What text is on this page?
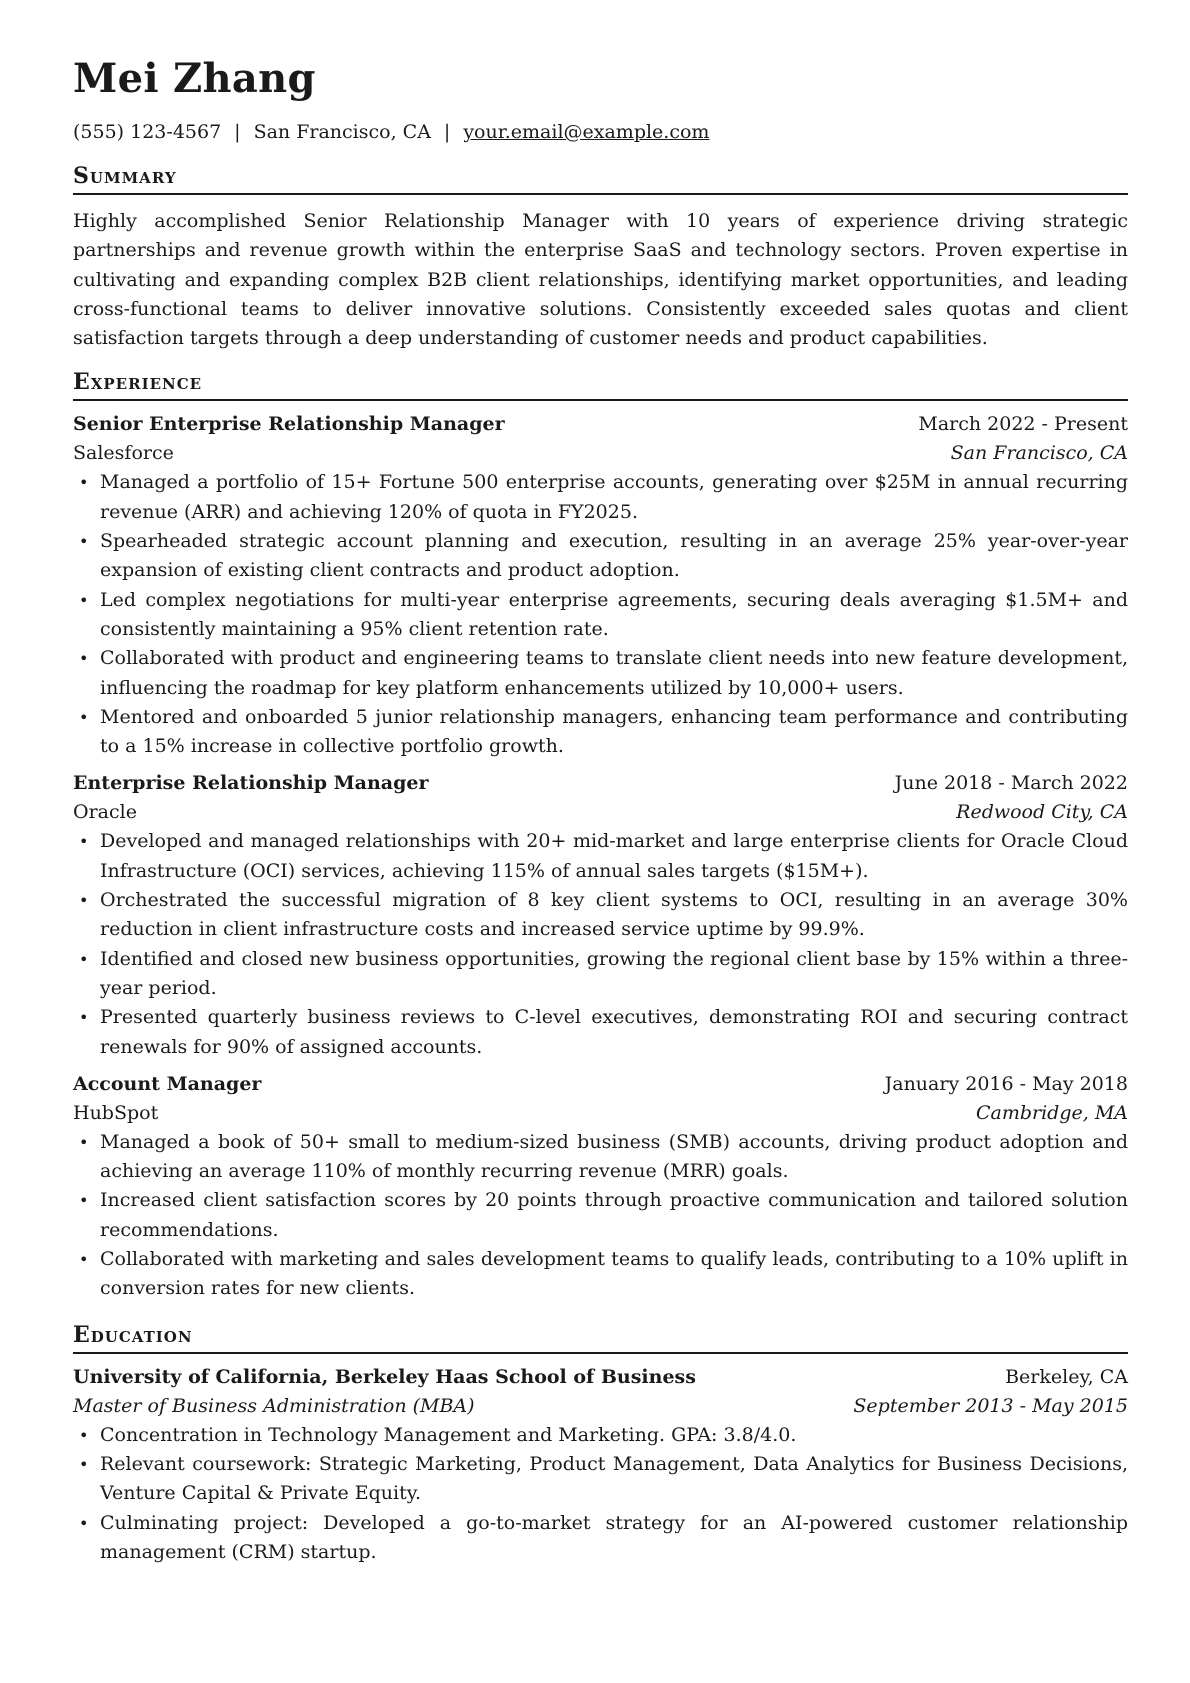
Mei Zhang
(555) 123-4567 | San Francisco, CA | your.email@example.com
Summary

Highly accomplished Senior Relationship Manager with 10 years of experience driving strategic partnerships and revenue growth within the enterprise SaaS and technology sectors. Proven expertise in cultivating and expanding complex B2B client relationships, identifying market opportunities, and leading cross-functional teams to deliver innovative solutions. Consistently exceeded sales quotas and client satisfaction targets through a deep understanding of customer needs and product capabilities.

Experience
Senior Enterprise Relationship Manager	March 2022 - Present
Salesforce	San Francisco, CA
• Managed a portfolio of 15+ Fortune 500 enterprise accounts, generating over $25M in annual recurring revenue (ARR) and achieving 120% of quota in FY2025.
• Spearheaded strategic account planning and execution, resulting in an average 25% year-over-year expansion of existing client contracts and product adoption.
• Led complex negotiations for multi-year enterprise agreements, securing deals averaging $1.5M+ and consistently maintaining a 95% client retention rate.
• Collaborated with product and engineering teams to translate client needs into new feature development, influencing the roadmap for key platform enhancements utilized by 10,000+ users.
• Mentored and onboarded 5 junior relationship managers, enhancing team performance and contributing to a 15% increase in collective portfolio growth.
Enterprise Relationship Manager	June 2018 - March 2022
Oracle	Redwood City, CA
• Developed and managed relationships with 20+ mid-market and large enterprise clients for Oracle Cloud Infrastructure (OCI) services, achieving 115% of annual sales targets ($15M+).
• Orchestrated the successful migration of 8 key client systems to OCI, resulting in an average 30% reduction in client infrastructure costs and increased service uptime by 99.9%.
• Identified and closed new business opportunities, growing the regional client base by 15% within a three-year period.
• Presented quarterly business reviews to C-level executives, demonstrating ROI and securing contract renewals for 90% of assigned accounts.
Account Manager	January 2016 - May 2018
HubSpot	Cambridge, MA
• Managed a book of 50+ small to medium-sized business (SMB) accounts, driving product adoption and achieving an average 110% of monthly recurring revenue (MRR) goals.
• Increased client satisfaction scores by 20 points through proactive communication and tailored solution recommendations.
• Collaborated with marketing and sales development teams to qualify leads, contributing to a 10% uplift in conversion rates for new clients.
Education
University of California, Berkeley Haas School of Business	Berkeley, CA
Master of Business Administration (MBA)	September 2013 - May 2015
• Concentration in Technology Management and Marketing. GPA: 3.8/4.0.
• Relevant coursework: Strategic Marketing, Product Management, Data Analytics for Business Decisions, Venture Capital & Private Equity.
• Culminating project: Developed a go-to-market strategy for an AI-powered customer relationship management (CRM) startup.
